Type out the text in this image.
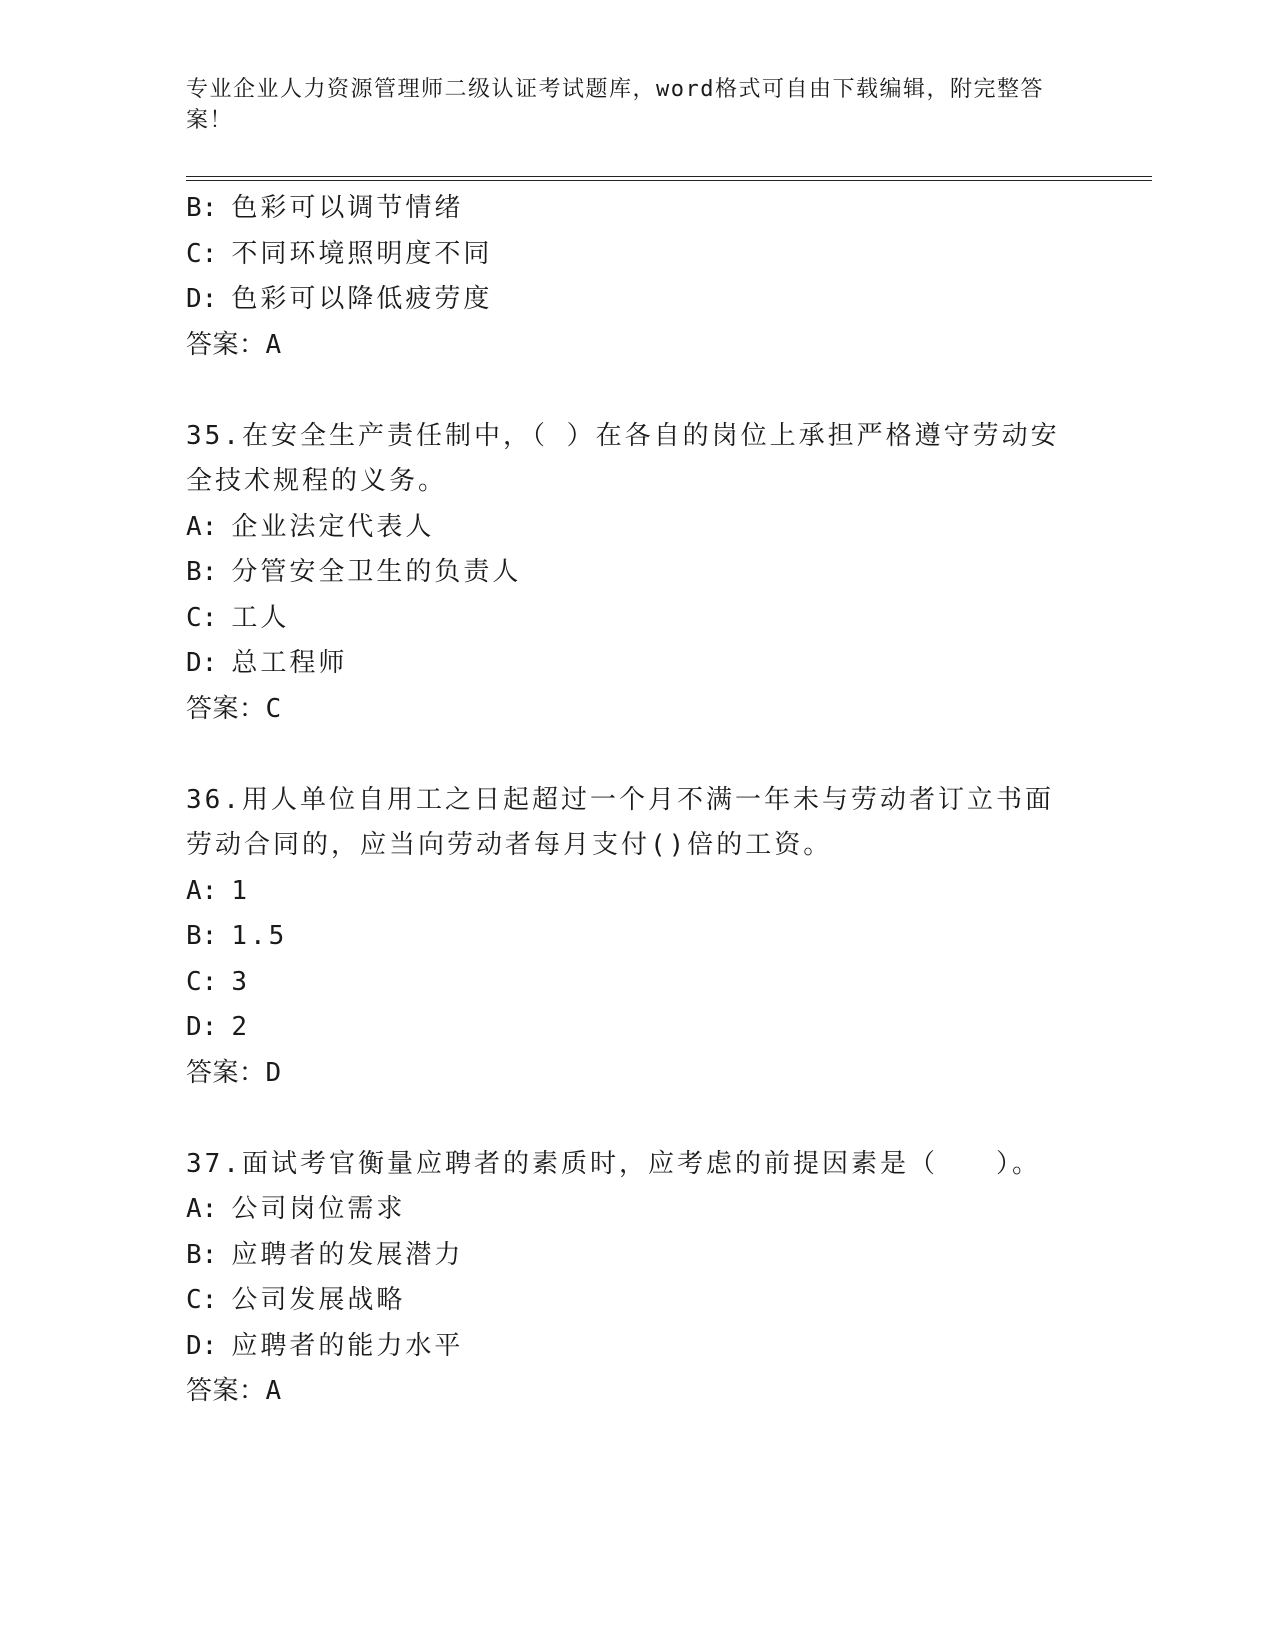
专业企业人力资源管理师二级认证考试题库，word格式可自由下载编辑，附完整答案！
B: 色彩可以调节情绪
C: 不同环境照明度不同
D: 色彩可以降低疲劳度
答案：A
35.在安全生产责任制中，（ ）在各自的岗位上承担严格遵守劳动安全技术规程的义务。
A: 企业法定代表人
B: 分管安全卫生的负责人
C: 工人
D: 总工程师
答案：C
36.用人单位自用工之日起超过一个月不满一年未与劳动者订立书面劳动合同的，应当向劳动者每月支付()倍的工资。
A: 1
B: 1.5
C: 3
D: 2
答案：D
37.面试考官衡量应聘者的素质时，应考虑的前提因素是（　　）。
A: 公司岗位需求
B: 应聘者的发展潜力
C: 公司发展战略
D: 应聘者的能力水平
答案：A
